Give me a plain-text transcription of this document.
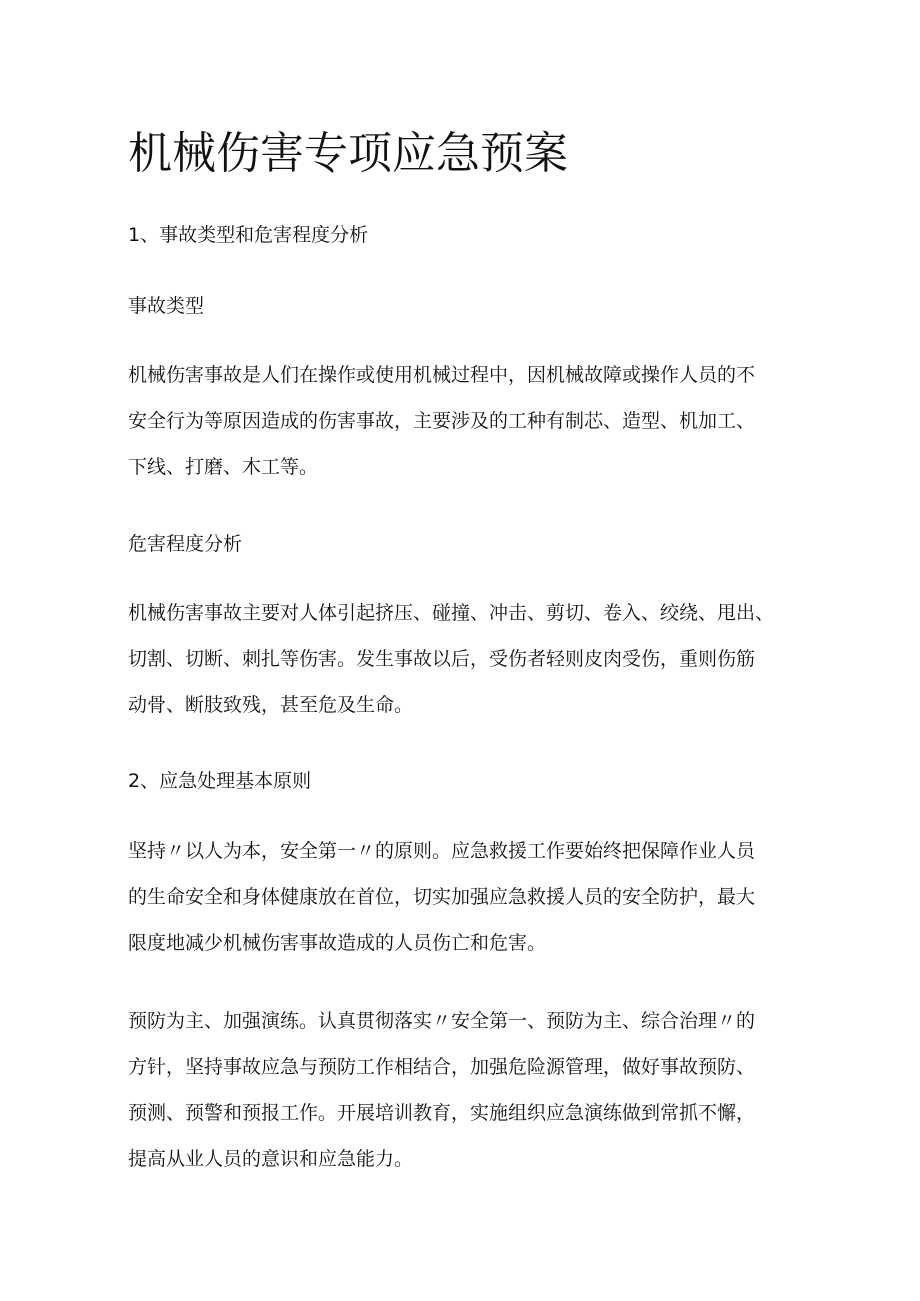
机械伤害专项应急预案

1、事故类型和危害程度分析

事故类型

机械伤害事故是人们在操作或使用机械过程中，因机械故障或操作人员的不
安全行为等原因造成的伤害事故，主要涉及的工种有制芯、造型、机加工、
下线、打磨、木工等。

危害程度分析

机械伤害事故主要对人体引起挤压、碰撞、冲击、剪切、卷入、绞绕、甩出、
切割、切断、刺扎等伤害。发生事故以后，受伤者轻则皮肉受伤，重则伤筋
动骨、断肢致残，甚至危及生命。

2、应急处理基本原则

坚持〃以人为本，安全第一〃的原则。应急救援工作要始终把保障作业人员
的生命安全和身体健康放在首位，切实加强应急救援人员的安全防护，最大
限度地减少机械伤害事故造成的人员伤亡和危害。
预防为主、加强演练。认真贯彻落实〃安全第一、预防为主、综合治理〃的
方针，坚持事故应急与预防工作相结合，加强危险源管理，做好事故预防、
预测、预警和预报工作。开展培训教育，实施组织应急演练做到常抓不懈，
提高从业人员的意识和应急能力。
